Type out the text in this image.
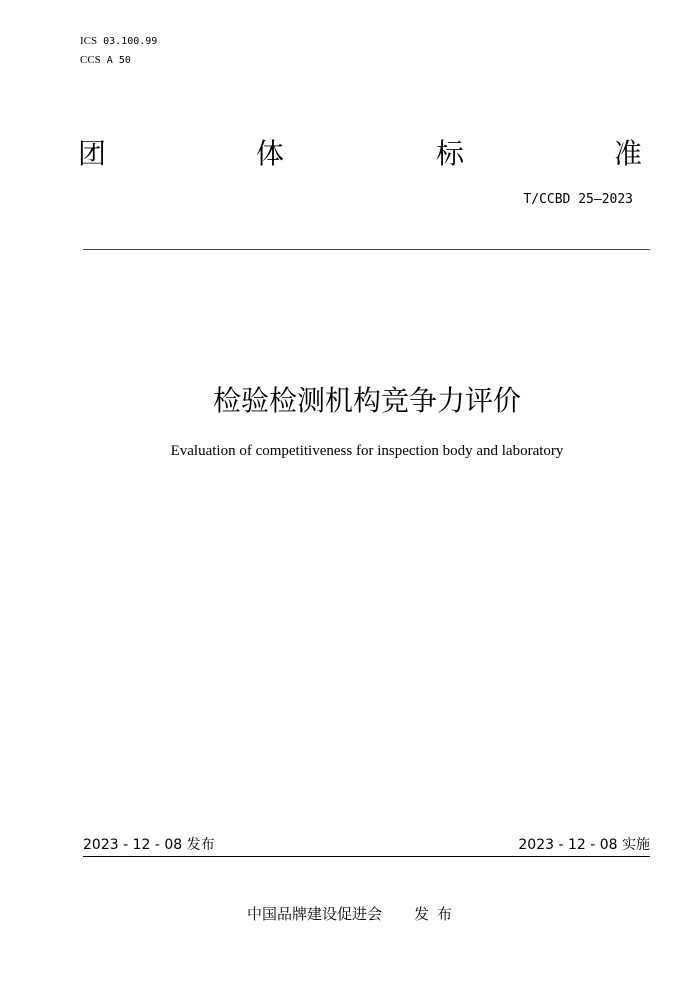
ICS 03.100.99
CCS A 50
团	体	标	准
T/CCBD 25—2023
检验检测机构竞争力评价
Evaluation of competitiveness for inspection body and laboratory
2023 - 12 - 08 发布	2023 - 12 - 08 实施
中国品牌建设促进会 发布
